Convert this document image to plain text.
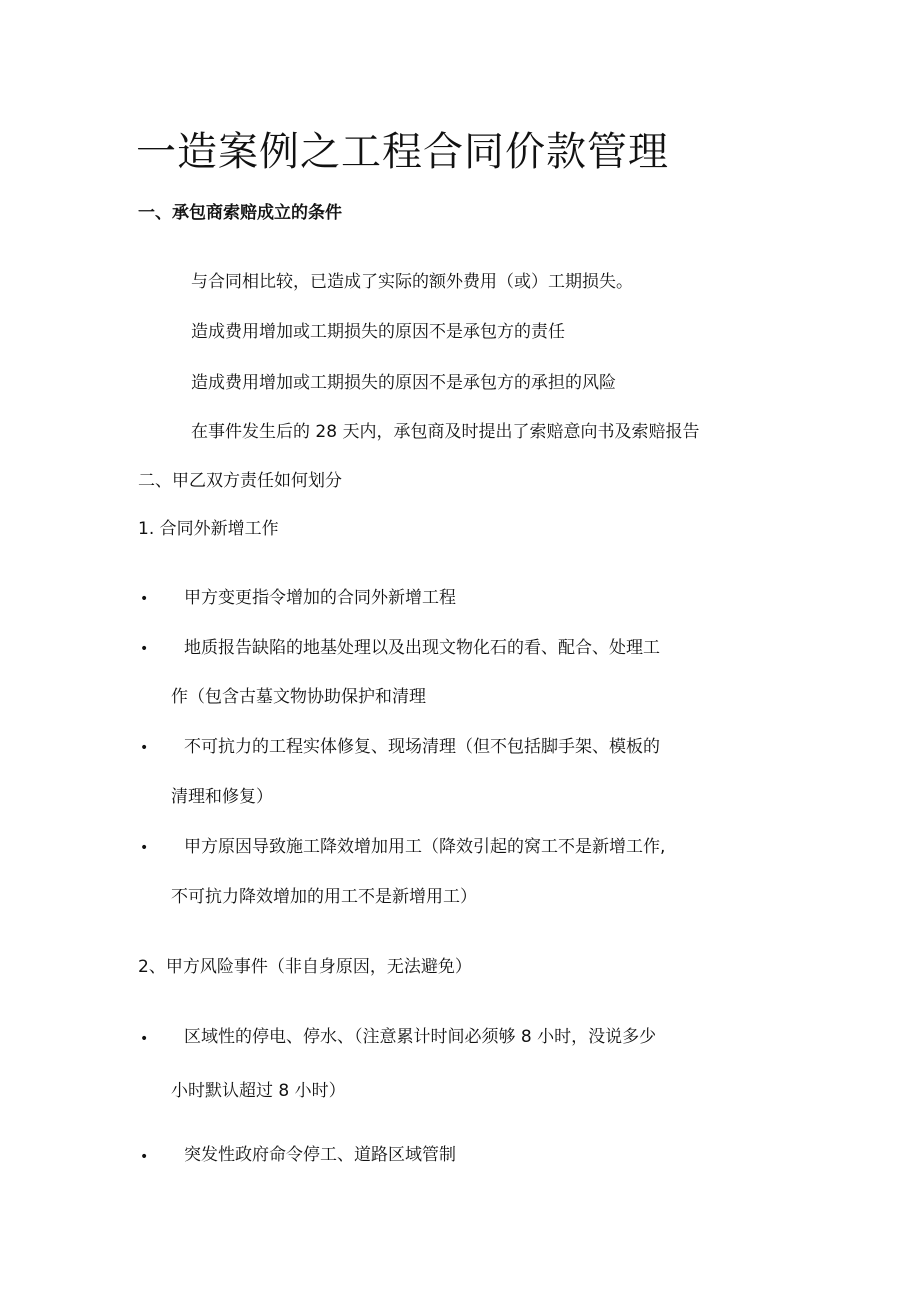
一造案例之工程合同价款管理
一、承包商索赔成立的条件
与合同相比较，已造成了实际的额外费用（或）工期损失。
造成费用增加或工期损失的原因不是承包方的责任
造成费用增加或工期损失的原因不是承包方的承担的风险
在事件发生后的 28 天内，承包商及时提出了索赔意向书及索赔报告
二、甲乙双方责任如何划分
1. 合同外新增工作
• 甲方变更指令增加的合同外新增工程
• 地质报告缺陷的地基处理以及出现文物化石的看、配合、处理工
作（包含古墓文物协助保护和清理
• 不可抗力的工程实体修复、现场清理（但不包括脚手架、模板的
清理和修复）
• 甲方原因导致施工降效增加用工（降效引起的窝工不是新增工作,
不可抗力降效增加的用工不是新增用工）
2、甲方风险事件（非自身原因，无法避免）
• 区域性的停电、停水、（注意累计时间必须够 8 小时，没说多少
小时默认超过 8 小时）
• 突发性政府命令停工、道路区域管制
